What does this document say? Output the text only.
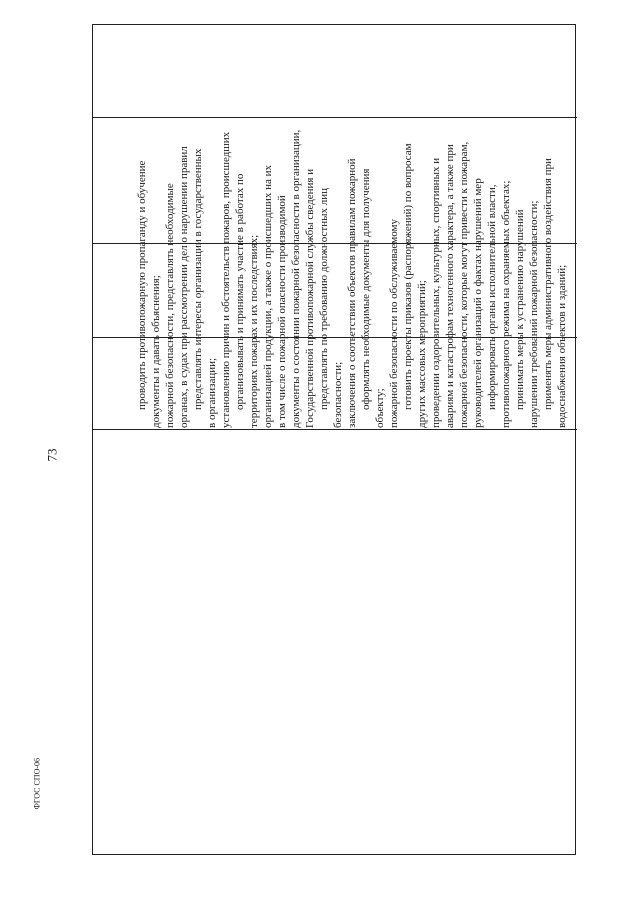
водоснабжения объектов и зданий;
применять меры административного воздействия при
нарушении требований пожарной безопасности;
принимать меры к устранению нарушений
противопожарного режима на охраняемых объектах;
информировать органы исполнительной власти,
руководителей организаций о фактах нарушений мер
пожарной безопасности, которые могут привести к пожарам,
авариям и катастрофам техногенного характера, а также при
проведении оздоровительных, культурных, спортивных и
других массовых мероприятий;
готовить проекты приказов (распоряжений) по вопросам
пожарной безопасности по обслуживаемому
объекту;
оформлять необходимые документы для получения
заключения о соответствии объектов правилам пожарной
безопасности;
представлять по требованию должностных лиц
Государственной противопожарной службы сведения и
документы о состоянии пожарной безопасности в организации,
в том числе о пожарной опасности производимой
организацией продукции, а также о происшедших на их
территориях пожарах и их последствиях;
организовывать и принимать участие в работах по
установлению причин и обстоятельств пожаров, происшедших
в организации;
представлять интересы организации в государственных
органах, в судах при рассмотрении дел о нарушении правил
пожарной безопасности, представлять необходимые
документы и давать объяснения;
проводить противопожарную пропаганду и обучение
73
ФГОС СПО-06
